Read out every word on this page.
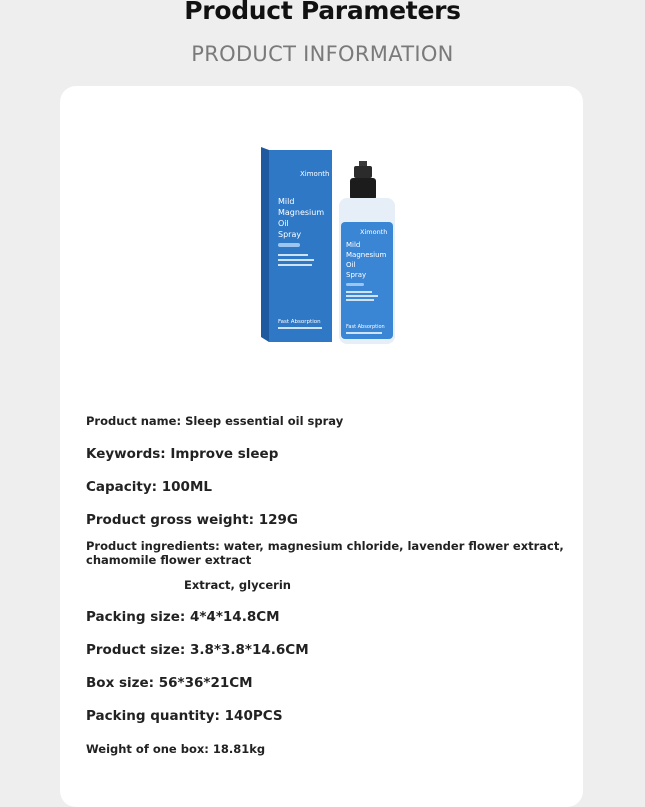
Product Parameters
PRODUCT INFORMATION
Ximonth
Mild
Magnesium
Oil
Spray
Fast Absorption
Ximonth
Mild
Magnesium
Oil
Spray
Fast Absorption
Product name: Sleep essential oil spray
Keywords: Improve sleep
Capacity: 100ML
Product gross weight: 129G
Product ingredients: water, magnesium chloride, lavender flower extract, chamomile flower extract
Extract, glycerin
Packing size: 4*4*14.8CM
Product size: 3.8*3.8*14.6CM
Box size: 56*36*21CM
Packing quantity: 140PCS
Weight of one box: 18.81kg
